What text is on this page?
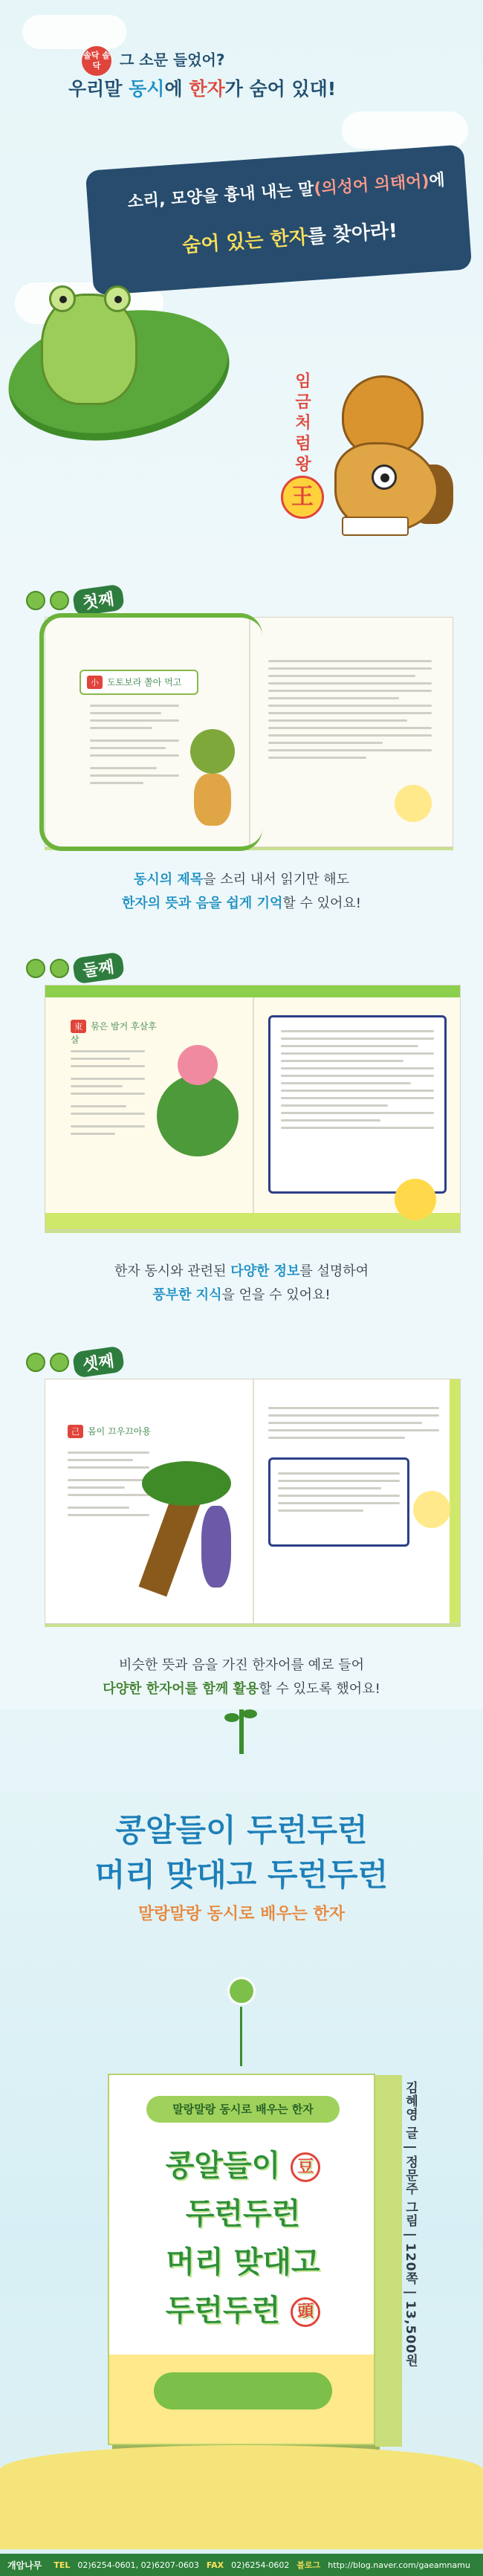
솔닥 솔닥 그 소문 들었어?
우리말 동시에 한자가 숨어 있대!
소리, 모양을 흉내 내는 말(의성어 의태어)에
숨어 있는 한자를 찾아라!
임금처럼 왕
王
첫째
小 도토보라 쫄아 먹고
동시의 제목을 소리 내서 읽기만 해도
한자의 뜻과 음을 쉽게 기억할 수 있어요!
둘째
束 묶은 밤거 후살후살
한자 동시와 관련된 다양한 정보를 설명하여
풍부한 지식을 얻을 수 있어요!
셋째
己 몸이 끄우끄아용
비슷한 뜻과 음을 가진 한자어를 예로 들어
다양한 한자어를 함께 활용할 수 있도록 했어요!
콩알들이 두런두런
머리 맞대고 두런두런
말랑말랑 동시로 배우는 한자
말랑말랑 동시로 배우는 한자
콩알들이 豆
두런두런
머리 맞대고
두런두런 頭	김혜영 글 | 정문주 그림 | 120쪽 | 13,500원
개암나무 TEL 02)6254-0601, 02)6207-0603 FAX 02)6254-0602 블로그 http://blog.naver.com/gaeamnamu
